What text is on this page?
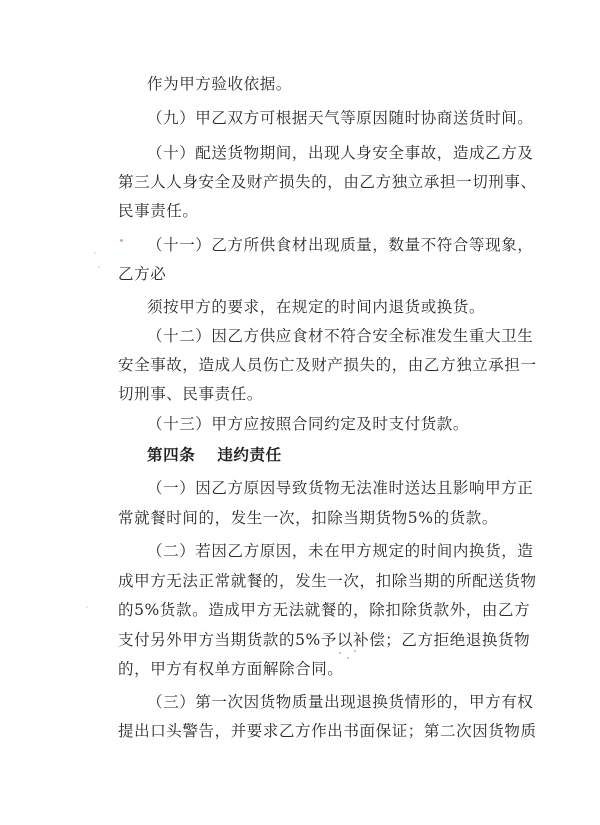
作为甲方验收依据。
（九）甲乙双方可根据天气等原因随时协商送货时间。
（十）配送货物期间，出现人身安全事故，造成乙方及
第三人人身安全及财产损失的，由乙方独立承担一切刑事、
民事责任。
（十一）乙方所供食材出现质量，数量不符合等现象，
乙方必
须按甲方的要求，在规定的时间内退货或换货。
（十二）因乙方供应食材不符合安全标准发生重大卫生
安全事故，造成人员伤亡及财产损失的，由乙方独立承担一
切刑事、民事责任。
（十三）甲方应按照合同约定及时支付货款。
第四条 违约责任
（一）因乙方原因导致货物无法准时送达且影响甲方正
常就餐时间的，发生一次，扣除当期货物5%的货款。
（二）若因乙方原因，未在甲方规定的时间内换货，造
成甲方无法正常就餐的，发生一次，扣除当期的所配送货物
的5%货款。造成甲方无法就餐的，除扣除货款外，由乙方
支付另外甲方当期货款的5%予以补偿；乙方拒绝退换货物
的，甲方有权单方面解除合同。
（三）第一次因货物质量出现退换货情形的，甲方有权
提出口头警告，并要求乙方作出书面保证；第二次因货物质
